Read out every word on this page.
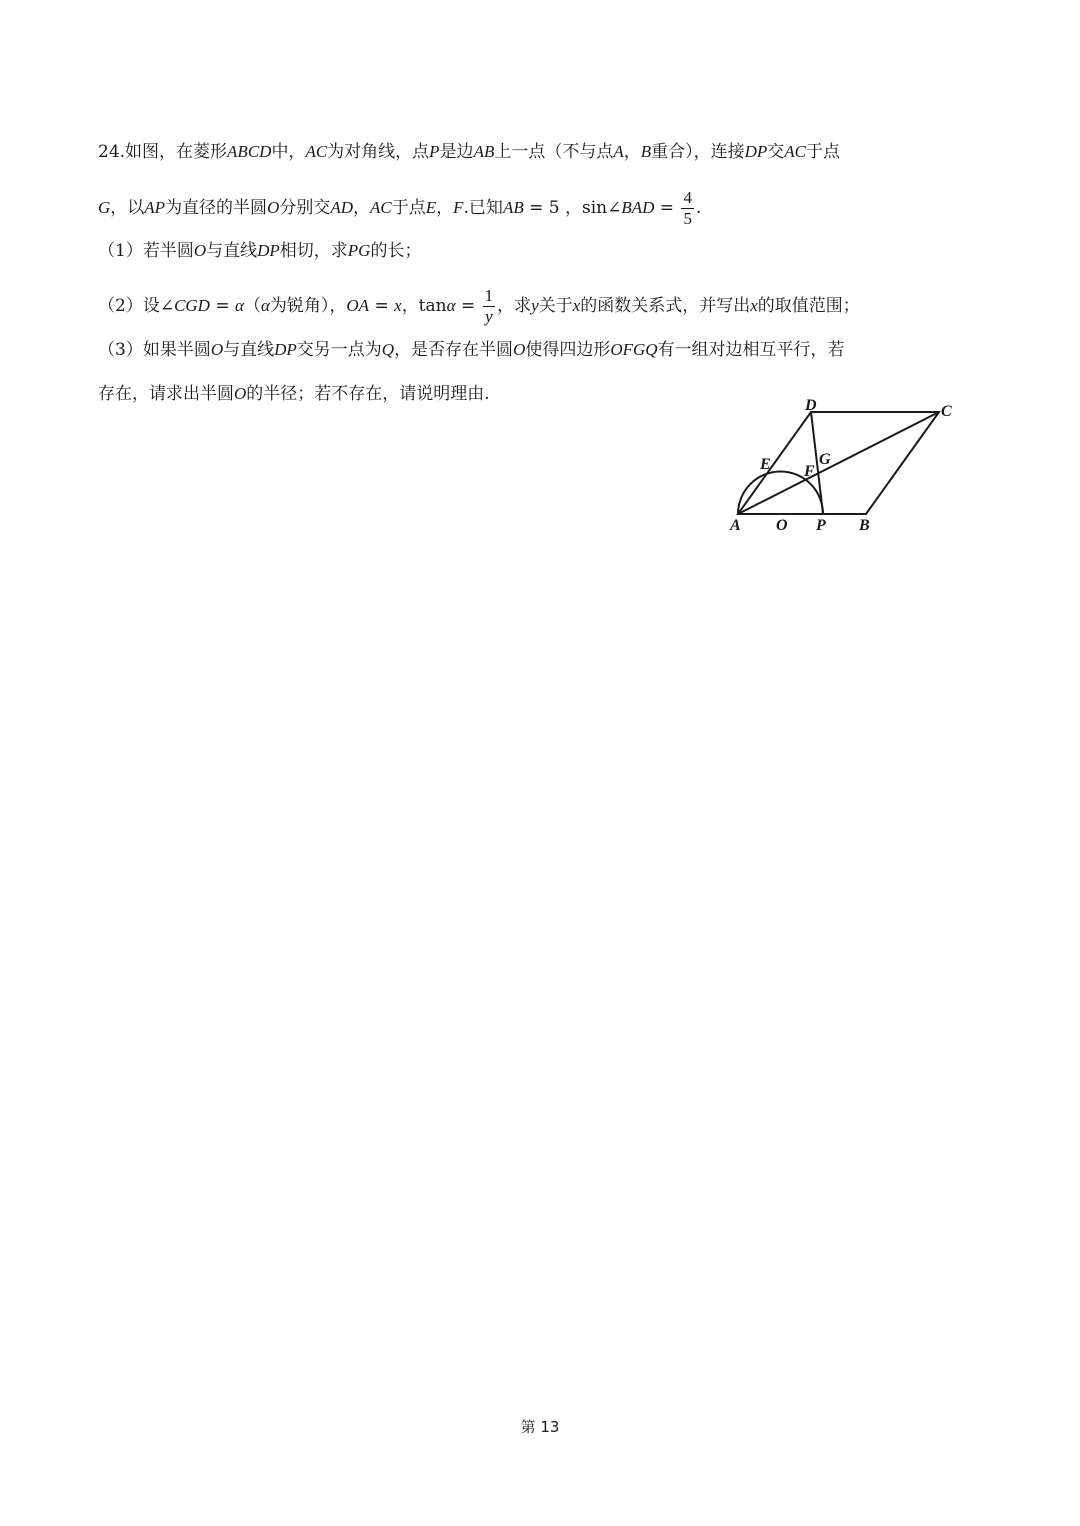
24.如图，在菱形ABCD中，AC为对角线，点P是边AB上一点（不与点A，B重合），连接DP交AC于点
G，以AP为直径的半圆O分别交AD，AC于点E，F.已知AB = 5 ，sin∠BAD = $\frac{4}{5}$ .
（1）若半圆O与直线DP相切，求PG的长；
（2）设∠CGD = α（α为锐角），OA = x，$\tan\alpha = \frac{1}{y}$ ，求y关于x的函数关系式，并写出x的取值范围；
（3）如果半圆O与直线DP交另一点为Q，是否存在半圆O使得四边形OFGQ有一组对边相互平行，若
存在，请求出半圆O的半径；若不存在，请说明理由.
A O P B
C
D
E F
G
第 13
